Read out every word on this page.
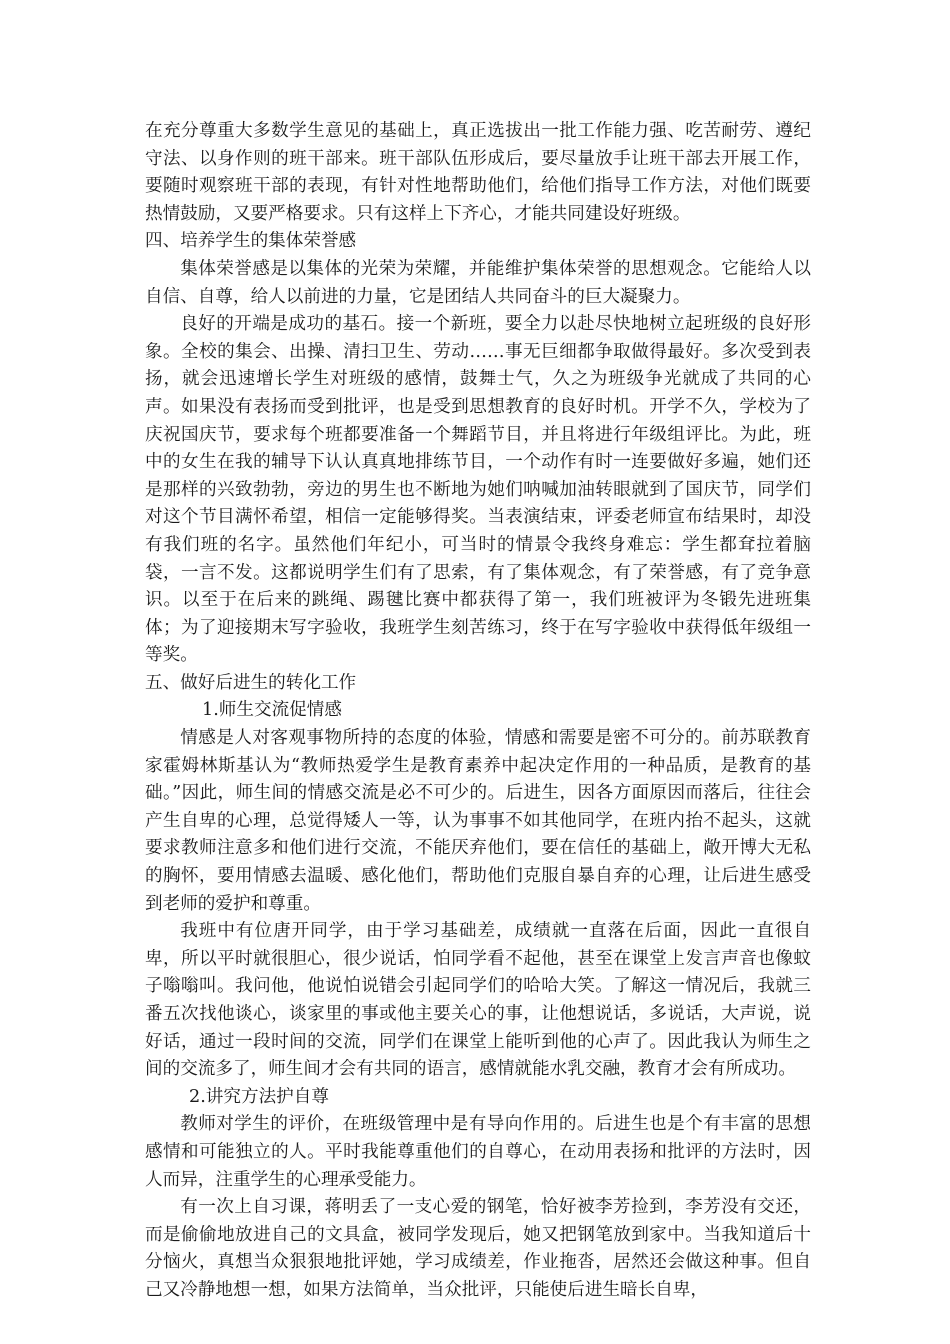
在充分尊重大多数学生意见的基础上，真正选拔出一批工作能力强、吃苦耐劳、遵纪守法、以身作则的班干部来。班干部队伍形成后，要尽量放手让班干部去开展工作，要随时观察班干部的表现，有针对性地帮助他们，给他们指导工作方法，对他们既要热情鼓励，又要严格要求。只有这样上下齐心，才能共同建设好班级。

四、培养学生的集体荣誉感

集体荣誉感是以集体的光荣为荣耀，并能维护集体荣誉的思想观念。它能给人以自信、自尊，给人以前进的力量，它是团结人共同奋斗的巨大凝聚力。

良好的开端是成功的基石。接一个新班，要全力以赴尽快地树立起班级的良好形象。全校的集会、出操、清扫卫生、劳动……事无巨细都争取做得最好。多次受到表扬，就会迅速增长学生对班级的感情，鼓舞士气，久之为班级争光就成了共同的心声。如果没有表扬而受到批评，也是受到思想教育的良好时机。开学不久，学校为了庆祝国庆节，要求每个班都要准备一个舞蹈节目，并且将进行年级组评比。为此，班中的女生在我的辅导下认认真真地排练节目，一个动作有时一连要做好多遍，她们还是那样的兴致勃勃，旁边的男生也不断地为她们呐喊加油转眼就到了国庆节，同学们对这个节目满怀希望，相信一定能够得奖。当表演结束，评委老师宣布结果时，却没有我们班的名字。虽然他们年纪小，可当时的情景令我终身难忘：学生都耷拉着脑袋，一言不发。这都说明学生们有了思索，有了集体观念，有了荣誉感，有了竞争意识。以至于在后来的跳绳、踢毽比赛中都获得了第一，我们班被评为冬锻先进班集体；为了迎接期末写字验收，我班学生刻苦练习，终于在写字验收中获得低年级组一等奖。

五、做好后进生的转化工作

1.师生交流促情感

情感是人对客观事物所持的态度的体验，情感和需要是密不可分的。前苏联教育家霍姆林斯基认为“教师热爱学生是教育素养中起决定作用的一种品质，是教育的基础。”因此，师生间的情感交流是必不可少的。后进生，因各方面原因而落后，往往会产生自卑的心理，总觉得矮人一等，认为事事不如其他同学，在班内抬不起头，这就要求教师注意多和他们进行交流，不能厌弃他们，要在信任的基础上，敞开博大无私的胸怀，要用情感去温暖、感化他们，帮助他们克服自暴自弃的心理，让后进生感受到老师的爱护和尊重。

我班中有位唐开同学，由于学习基础差，成绩就一直落在后面，因此一直很自卑，所以平时就很胆心，很少说话，怕同学看不起他，甚至在课堂上发言声音也像蚊子嗡嗡叫。我问他，他说怕说错会引起同学们的哈哈大笑。了解这一情况后，我就三番五次找他谈心，谈家里的事或他主要关心的事，让他想说话，多说话，大声说，说好话，通过一段时间的交流，同学们在课堂上能听到他的心声了。因此我认为师生之间的交流多了，师生间才会有共同的语言，感情就能水乳交融，教育才会有所成功。

2.讲究方法护自尊

教师对学生的评价，在班级管理中是有导向作用的。后进生也是个有丰富的思想感情和可能独立的人。平时我能尊重他们的自尊心，在动用表扬和批评的方法时，因人而异，注重学生的心理承受能力。

有一次上自习课，蒋明丢了一支心爱的钢笔，恰好被李芳捡到，李芳没有交还，而是偷偷地放进自己的文具盒，被同学发现后，她又把钢笔放到家中。当我知道后十分恼火，真想当众狠狠地批评她，学习成绩差，作业拖沓，居然还会做这种事。但自己又冷静地想一想，如果方法简单，当众批评，只能使后进生暗长自卑，
